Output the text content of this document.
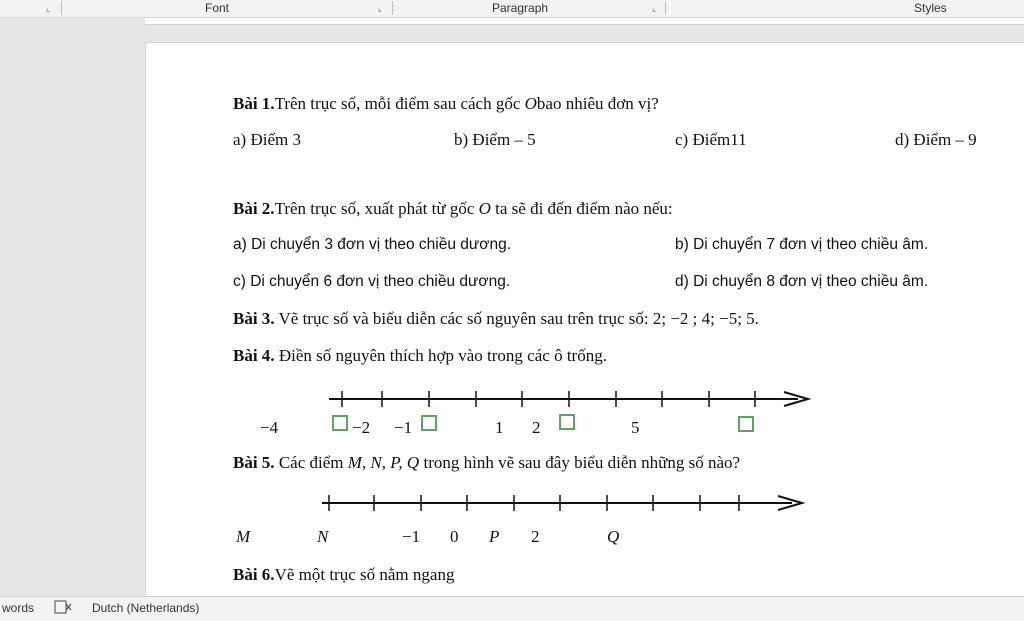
⌞	Font	⌞	Paragraph	⌞	Styles
Bài 1.Trên trục số, mỗi điểm sau cách gốc Obao nhiêu đơn vị?
a) Điểm 3	b) Điểm – 5	c) Điểm11	d) Điểm – 9
Bài 2.Trên trục số, xuất phát từ gốc O ta sẽ đi đến điểm nào nếu:
a) Di chuyển 3 đơn vị theo chiều dương.	b) Di chuyển 7 đơn vị theo chiều âm.
c) Di chuyển 6 đơn vị theo chiều dương.	d) Di chuyển 8 đơn vị theo chiều âm.
Bài 3. Vẽ trục số và biểu diễn các số nguyên sau trên trục số: 2; −2 ; 4; −5; 5.
Bài 4. Điền số nguyên thích hợp vào trong các ô trống.
−4	−2 −1	1 2	5
Bài 5. Các điểm M, N, P, Q trong hình vẽ sau đây biểu diễn những số nào?
M	N	−1 0 P 2	Q
Bài 6.Vẽ một trục số nằm ngang
words	Dutch (Netherlands)
